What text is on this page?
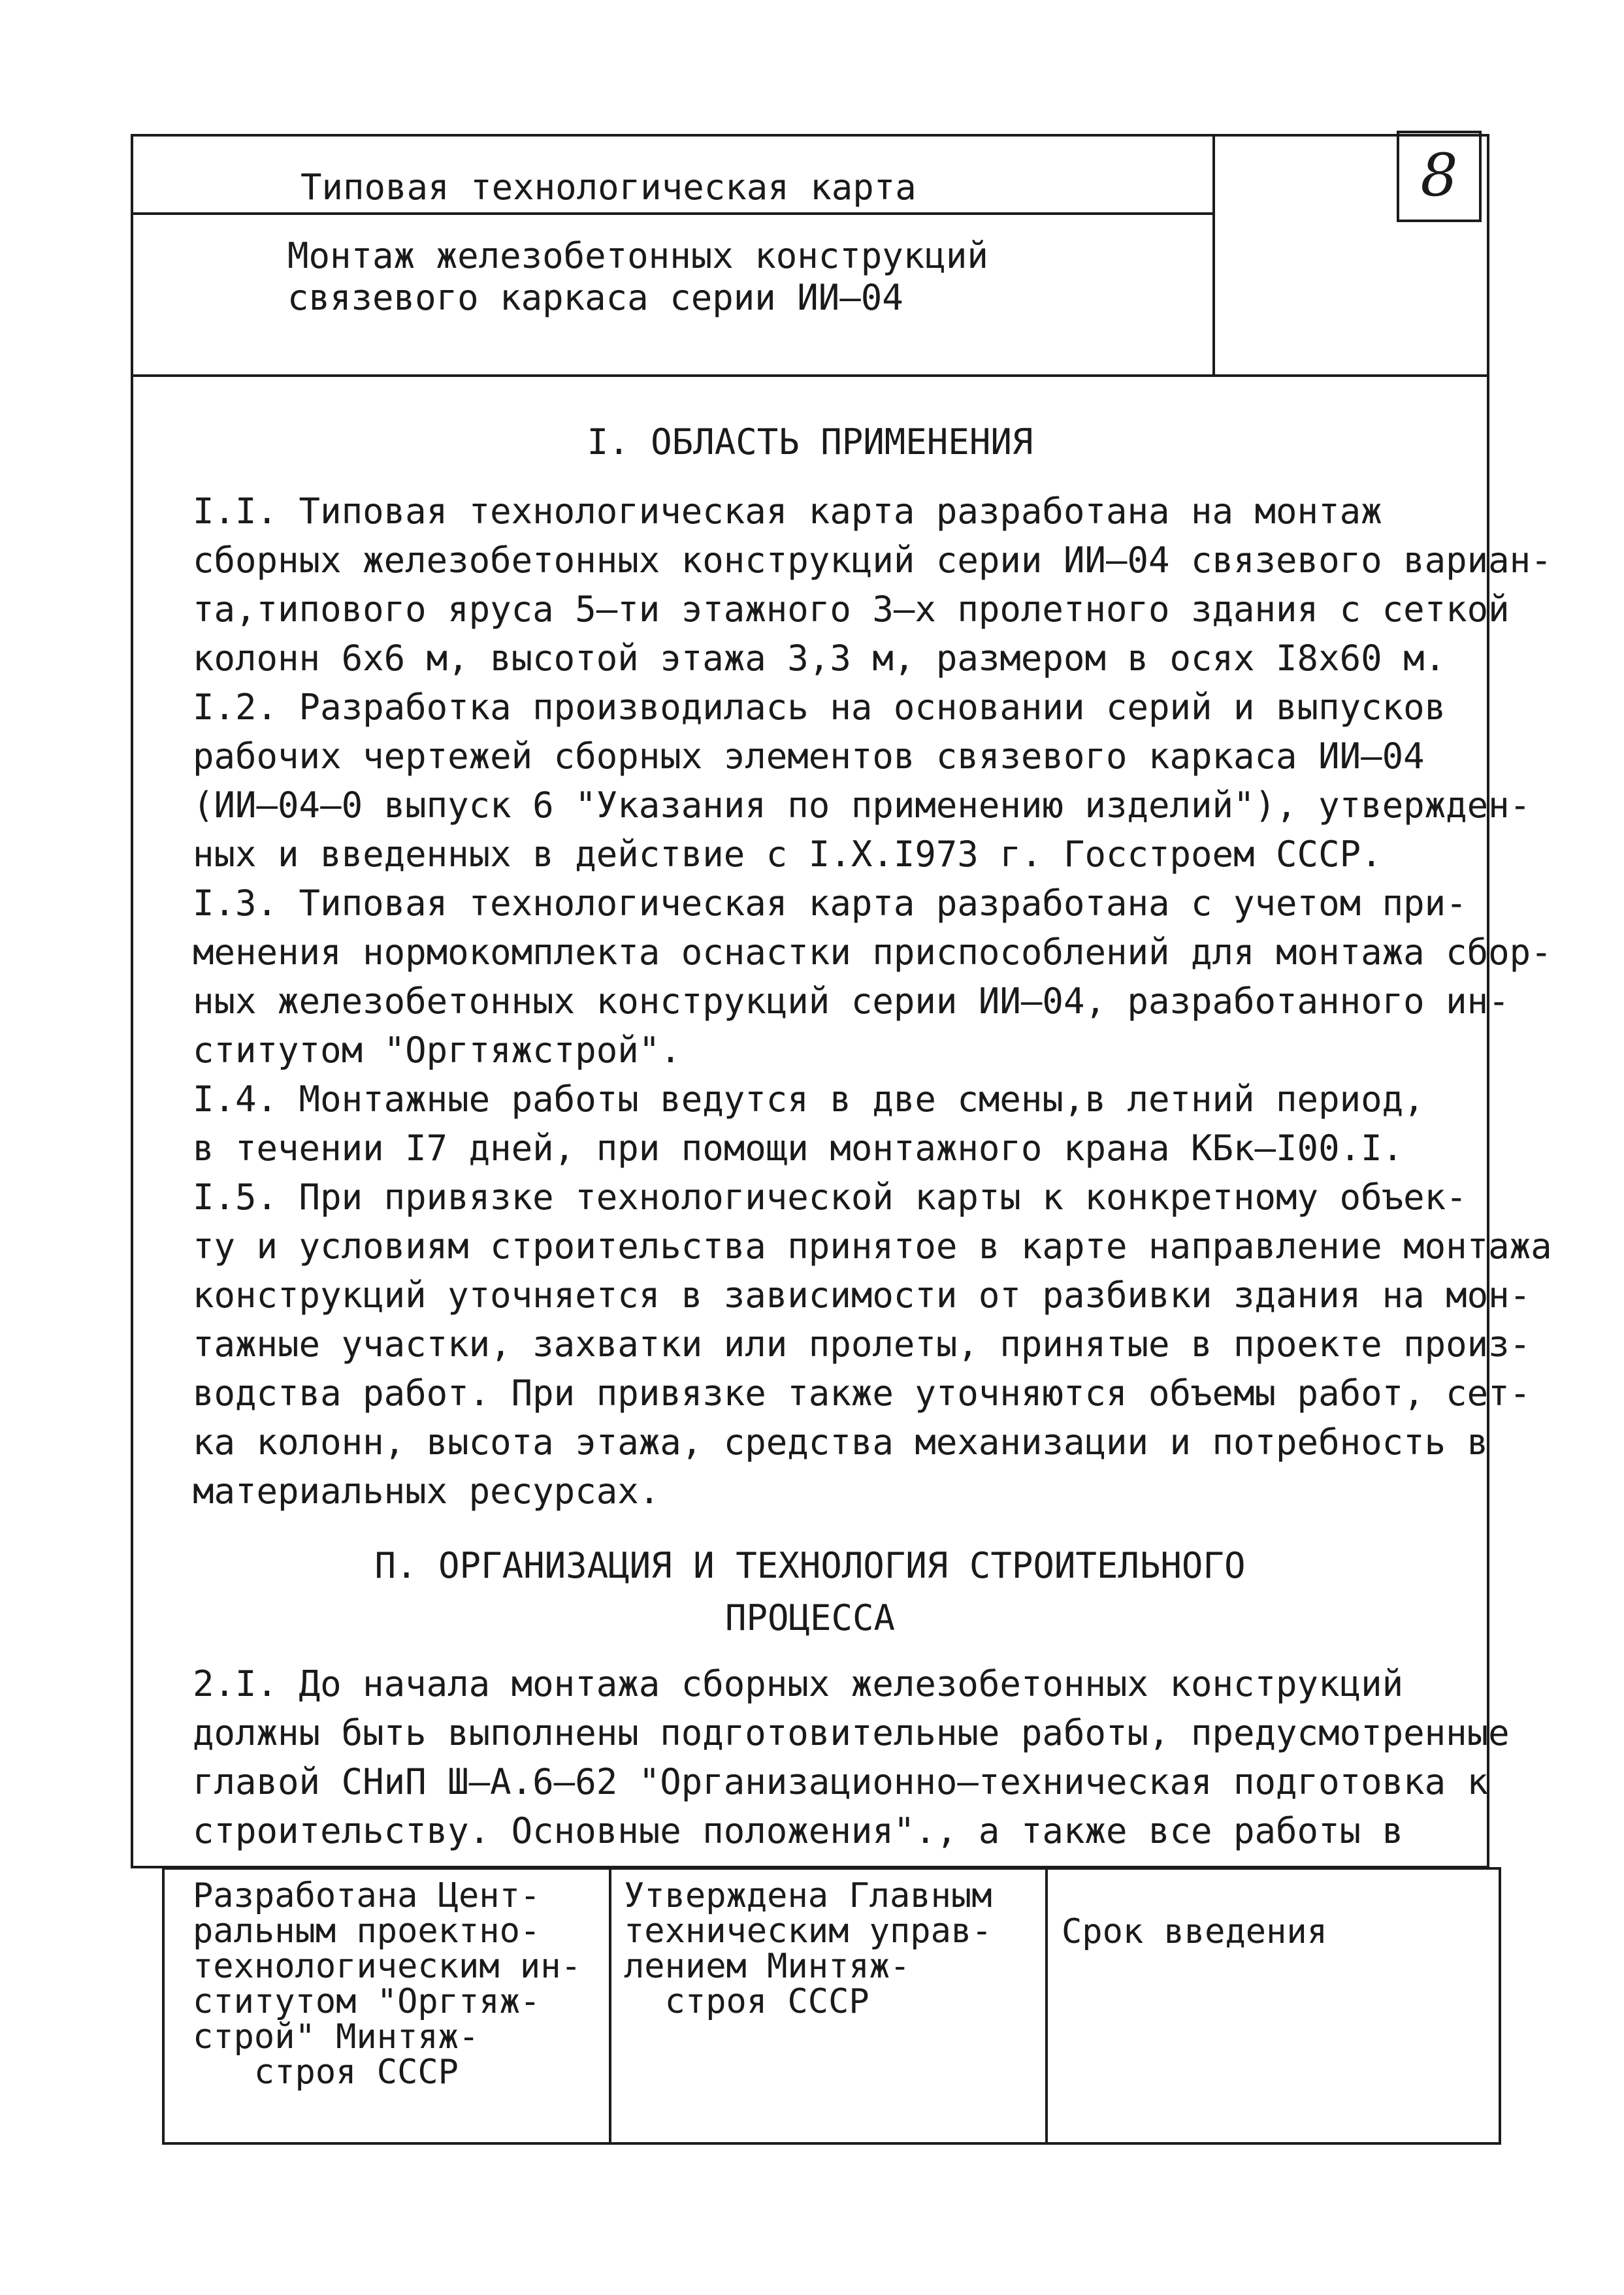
Типовая технологическая карта
Монтаж железобетонных конструкций
связевого каркаса серии ИИ–04
8
I. ОБЛАСТЬ ПРИМЕНЕНИЯ
I.I. Типовая технологическая карта разработана на монтаж
сборных железобетонных конструкций серии ИИ–04 связевого вариан-
та,типового яруса 5–ти этажного 3–х пролетного здания с сеткой
колонн 6х6 м, высотой этажа 3,3 м, размером в осях I8х60 м.
I.2. Разработка производилась на основании серий и выпусков
рабочих чертежей сборных элементов связевого каркаса ИИ–04
(ИИ–04–0 выпуск 6 "Указания по применению изделий"), утвержден-
ных и введенных в действие с I.X.I973 г. Госстроем СССР.
I.3. Типовая технологическая карта разработана с учетом при-
менения нормокомплекта оснастки приспособлений для монтажа сбор-
ных железобетонных конструкций серии ИИ–04, разработанного ин-
ститутом "Оргтяжстрой".
I.4. Монтажные работы ведутся в две смены,в летний период,
в течении I7 дней, при помощи монтажного крана КБк–I00.I.
I.5. При привязке технологической карты к конкретному объек-
ту и условиям строительства принятое в карте направление монтажа
конструкций уточняется в зависимости от разбивки здания на мон-
тажные участки, захватки или пролеты, принятые в проекте произ-
водства работ. При привязке также уточняются объемы работ, сет-
ка колонн, высота этажа, средства механизации и потребность в
материальных ресурсах.
П. ОРГАНИЗАЦИЯ И ТЕХНОЛОГИЯ СТРОИТЕЛЬНОГО
ПРОЦЕССА
2.I. До начала монтажа сборных железобетонных конструкций
должны быть выполнены подготовительные работы, предусмотренные
главой СНиП Ш–А.6–62 "Организационно–техническая подготовка к
строительству. Основные положения"., а также все работы в
Разработана Цент-
ральным проектно-
технологическим ин-
ститутом "Оргтяж-
строй" Минтяж-
строя СССР
Утверждена Главным
техническим управ-
лением Минтяж-
строя СССР
Срок введения
